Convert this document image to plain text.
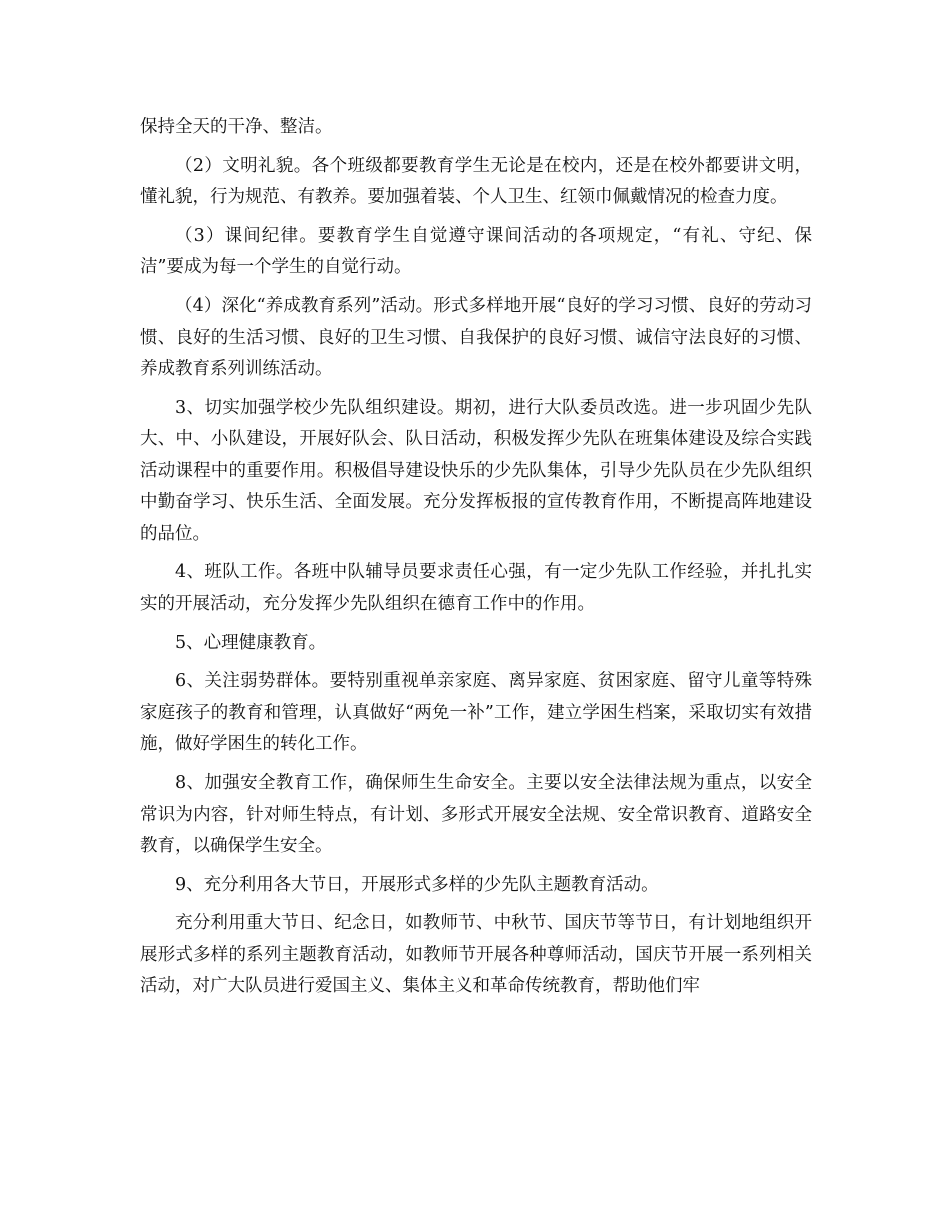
保持全天的干净、整洁。

（2）文明礼貌。各个班级都要教育学生无论是在校内，还是在校外都要讲文明，懂礼貌，行为规范、有教养。要加强着装、个人卫生、红领巾佩戴情况的检查力度。

（3）课间纪律。要教育学生自觉遵守课间活动的各项规定，“有礼、守纪、保洁”要成为每一个学生的自觉行动。

（4）深化“养成教育系列”活动。形式多样地开展“良好的学习习惯、良好的劳动习惯、良好的生活习惯、良好的卫生习惯、自我保护的良好习惯、诚信守法良好的习惯、养成教育系列训练活动。

3、切实加强学校少先队组织建设。期初，进行大队委员改选。进一步巩固少先队大、中、小队建设，开展好队会、队日活动，积极发挥少先队在班集体建设及综合实践活动课程中的重要作用。积极倡导建设快乐的少先队集体，引导少先队员在少先队组织中勤奋学习、快乐生活、全面发展。充分发挥板报的宣传教育作用，不断提高阵地建设的品位。

4、班队工作。各班中队辅导员要求责任心强，有一定少先队工作经验，并扎扎实实的开展活动，充分发挥少先队组织在德育工作中的作用。

5、心理健康教育。

6、关注弱势群体。要特别重视单亲家庭、离异家庭、贫困家庭、留守儿童等特殊家庭孩子的教育和管理，认真做好“两免一补”工作，建立学困生档案，采取切实有效措施，做好学困生的转化工作。

8、加强安全教育工作，确保师生生命安全。主要以安全法律法规为重点，以安全常识为内容，针对师生特点，有计划、多形式开展安全法规、安全常识教育、道路安全教育，以确保学生安全。

9、充分利用各大节日，开展形式多样的少先队主题教育活动。

充分利用重大节日、纪念日，如教师节、中秋节、国庆节等节日，有计划地组织开展形式多样的系列主题教育活动，如教师节开展各种尊师活动，国庆节开展一系列相关活动，对广大队员进行爱国主义、集体主义和革命传统教育，帮助他们牢
